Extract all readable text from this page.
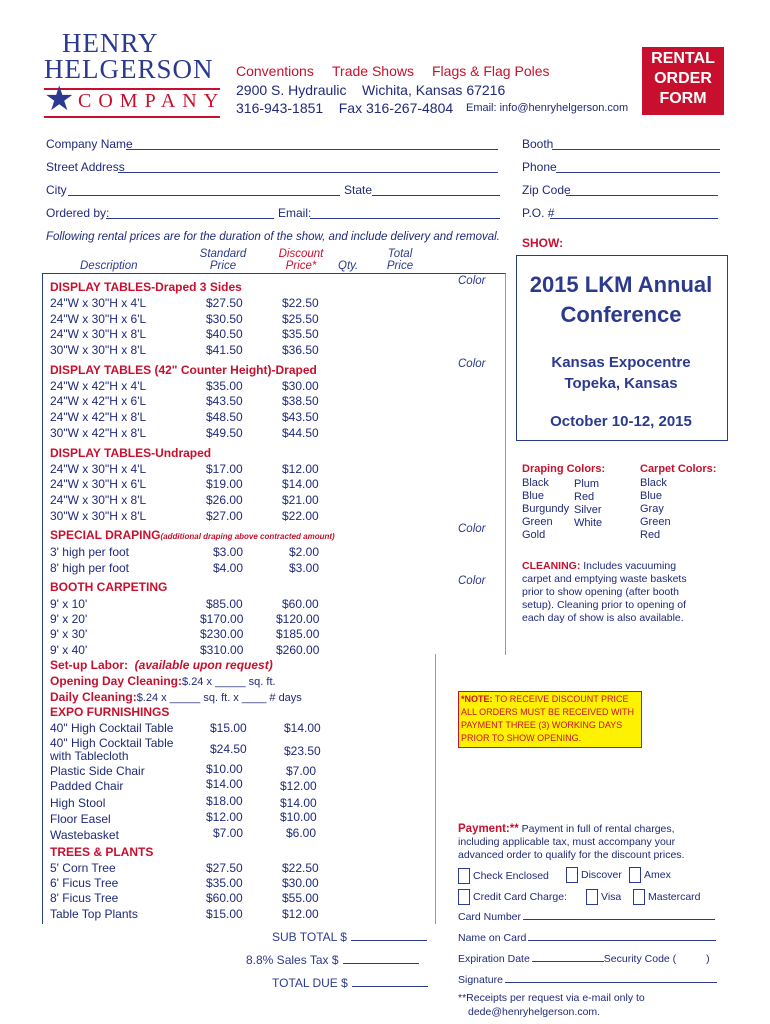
HENRY
HELGERSON
★ COMPANY
Conventions Trade Shows Flags & Flag Poles
2900 S. Hydraulic    Wichita, Kansas 67216
316-943-1851    Fax 316-267-4804 Email: info@henryhelgerson.com
RENTAL
ORDER
FORM
Company Name	Booth
Street Address	Phone
City	State	Zip Code
Ordered by:	Email:	P.O. #
Following rental prices are for the duration of the show, and include delivery and removal.
Standard
Price
Discount
Price*
Description	Qty.
Total
Price
Color
Color
Color
Color
DISPLAY TABLES-Draped 3 Sides
24"W x 30"H x 4'L	$27.50	$22.50
24"W x 30"H x 6'L	$30.50	$25.50
24"W x 30"H x 8'L	$40.50	$35.50
30"W x 30"H x 8'L	$41.50	$36.50
DISPLAY TABLES (42" Counter Height)-Draped
24"W x 42"H x 4'L	$35.00	$30.00
24"W x 42"H x 6'L	$43.50	$38.50
24"W x 42"H x 8'L	$48.50	$43.50
30"W x 42"H x 8'L	$49.50	$44.50
DISPLAY TABLES-Undraped
24"W x 30"H x 4'L	$17.00	$12.00
24"W x 30"H x 6'L	$19.00	$14.00
24"W x 30"H x 8'L	$26.00	$21.00
30"W x 30"H x 8'L	$27.00	$22.00
SPECIAL DRAPING(additional draping above contracted amount)
3' high per foot	$3.00	$2.00
8' high per foot	$4.00	$3.00
BOOTH CARPETING
9' x 10'	$85.00	$60.00
9' x 20'	$170.00	$120.00
9' x 30'	$230.00	$185.00
9' x 40'	$310.00	$260.00
Set-up Labor: (available upon request)
Opening Day Cleaning:$.24 x _____ sq. ft.
Daily Cleaning:$.24 x _____ sq. ft. x ____ # days
EXPO FURNISHINGS
40" High Cocktail Table	$15.00	$14.00
40" High Cocktail Table
with Tablecloth	$24.50	$23.50
Plastic Side Chair	$10.00	$7.00
Padded Chair	$14.00	$12.00
High Stool	$18.00	$14.00
Floor Easel	$12.00	$10.00
Wastebasket	$7.00	$6.00
TREES & PLANTS
5' Corn Tree	$27.50	$22.50
6' Ficus Tree	$35.00	$30.00
8' Ficus Tree	$60.00	$55.00
Table Top Plants	$15.00	$12.00
SUB TOTAL $
8.8% Sales Tax $
TOTAL DUE $
SHOW:
2015 LKM Annual
Conference
Kansas Expocentre
Topeka, Kansas
October 10-12, 2015
Draping Colors:
Black
Blue
Burgundy
Green
Gold
Plum
Red
Silver
White
Carpet Colors:
Black
Blue
Gray
Green
Red
CLEANING: Includes vacuuming
carpet and emptying waste baskets
prior to show opening (after booth
setup). Cleaning prior to opening of
each day of show is also available.
*NOTE: TO RECEIVE DISCOUNT PRICE
ALL ORDERS MUST BE RECEIVED WITH
PAYMENT THREE (3) WORKING DAYS
PRIOR TO SHOW OPENING.
Payment:** Payment in full of rental charges,
including applicable tax, must accompany your
advanced order to qualify for the discount prices.
Check Enclosed	Discover	Amex
Credit Card Charge:	Visa	Mastercard
Card Number
Name on Card
Expiration Date	Security Code (	)
Signature
**Receipts per request via e-mail only to
dede@henryhelgerson.com.
